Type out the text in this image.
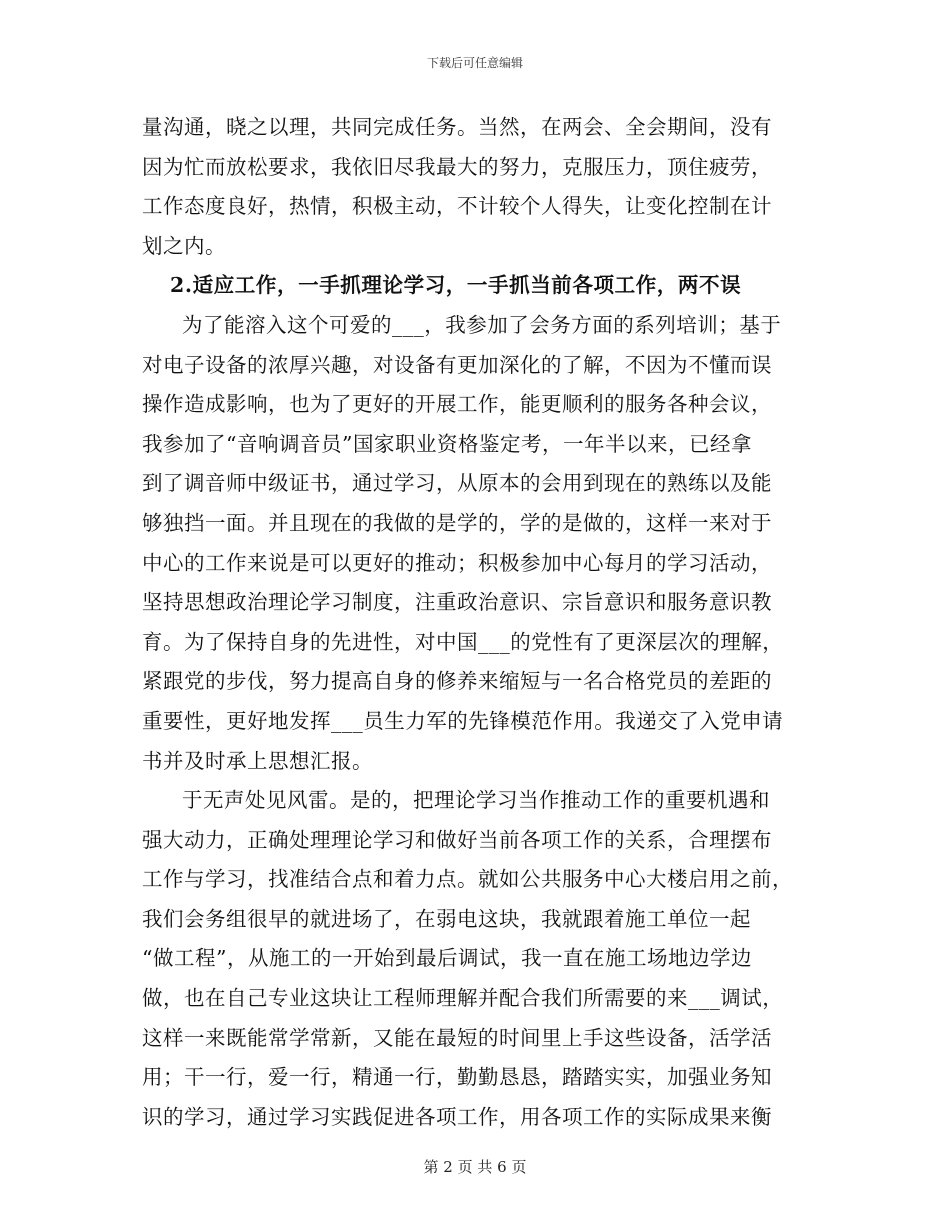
下载后可任意编辑
量沟通，晓之以理，共同完成任务。当然，在两会、全会期间，没有
因为忙而放松要求，我依旧尽我最大的努力，克服压力，顶住疲劳，
工作态度良好，热情，积极主动，不计较个人得失，让变化控制在计
划之内。
2.适应工作，一手抓理论学习，一手抓当前各项工作，两不误
为了能溶入这个可爱的___，我参加了会务方面的系列培训；基于
对电子设备的浓厚兴趣，对设备有更加深化的了解，不因为不懂而误
操作造成影响，也为了更好的开展工作，能更顺利的服务各种会议，
我参加了“音响调音员”国家职业资格鉴定考，一年半以来，已经拿
到了调音师中级证书，通过学习，从原本的会用到现在的熟练以及能
够独挡一面。并且现在的我做的是学的，学的是做的，这样一来对于
中心的工作来说是可以更好的推动；积极参加中心每月的学习活动，
坚持思想政治理论学习制度，注重政治意识、宗旨意识和服务意识教
育。为了保持自身的先进性，对中国___的党性有了更深层次的理解，
紧跟党的步伐，努力提高自身的修养来缩短与一名合格党员的差距的
重要性，更好地发挥___员生力军的先锋模范作用。我递交了入党申请
书并及时承上思想汇报。
于无声处见风雷。是的，把理论学习当作推动工作的重要机遇和
强大动力，正确处理理论学习和做好当前各项工作的关系，合理摆布
工作与学习，找准结合点和着力点。就如公共服务中心大楼启用之前，
我们会务组很早的就进场了，在弱电这块，我就跟着施工单位一起
“做工程”，从施工的一开始到最后调试，我一直在施工场地边学边
做，也在自己专业这块让工程师理解并配合我们所需要的来___调试，
这样一来既能常学常新，又能在最短的时间里上手这些设备，活学活
用；干一行，爱一行，精通一行，勤勤恳恳，踏踏实实，加强业务知
识的学习，通过学习实践促进各项工作，用各项工作的实际成果来衡
第 2 页 共 6 页
